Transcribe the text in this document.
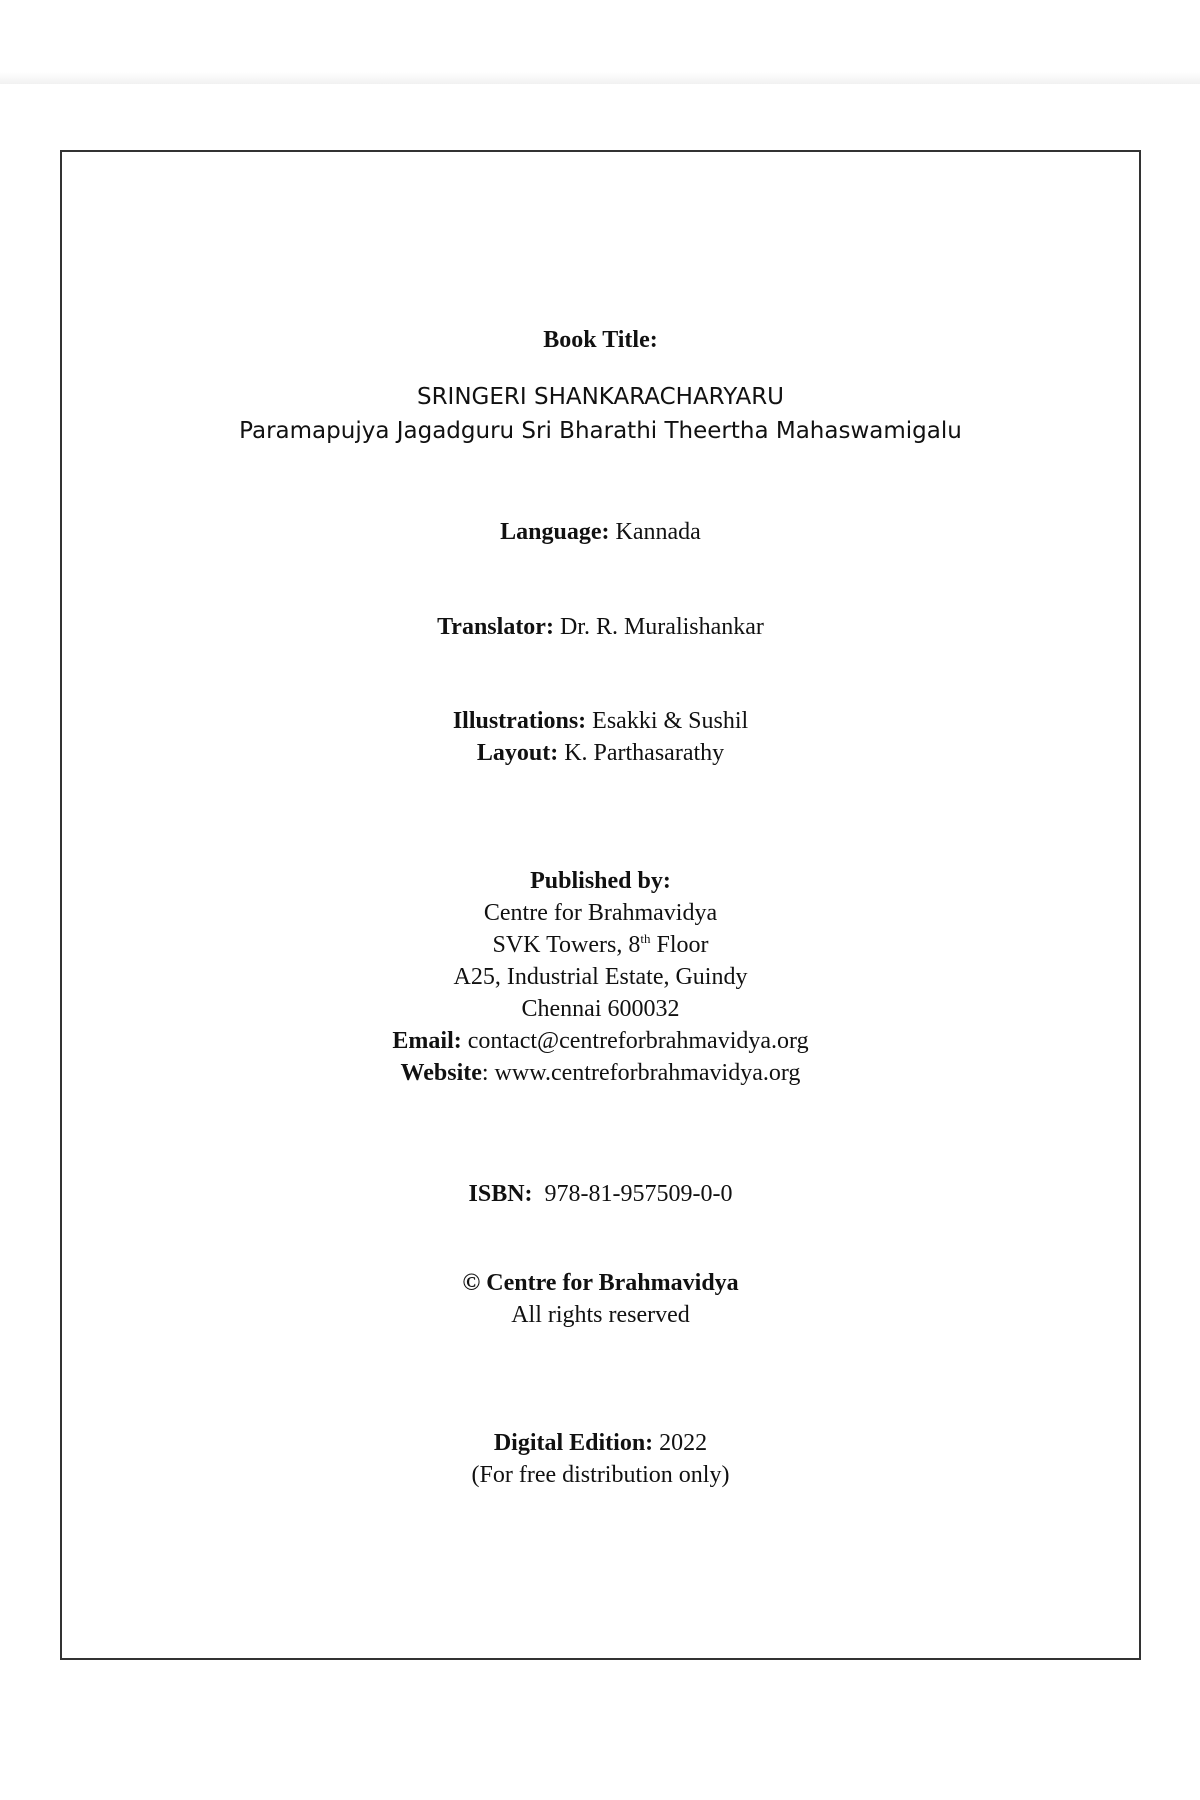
Book Title:
SRINGERI SHANKARACHARYARU
Paramapujya Jagadguru Sri Bharathi Theertha Mahaswamigalu
Language: Kannada
Translator: Dr. R. Muralishankar
Illustrations: Esakki & Sushil
Layout: K. Parthasarathy
Published by:
Centre for Brahmavidya
SVK Towers, 8th Floor
A25, Industrial Estate, Guindy
Chennai 600032
Email: contact@centreforbrahmavidya.org
Website: www.centreforbrahmavidya.org
ISBN: 978-81-957509-0-0
© Centre for Brahmavidya
All rights reserved
Digital Edition: 2022
(For free distribution only)
